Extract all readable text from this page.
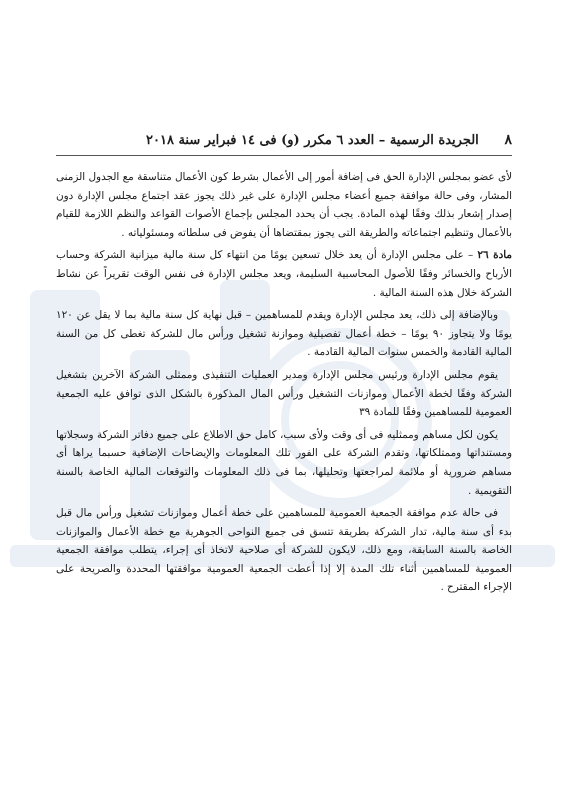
٨
الجريدة الرسمية – العدد ٦ مكرر (و) فى ١٤ فبراير سنة ٢٠١٨

لأى عضو بمجلس الإدارة الحق فى إضافة أمور إلى الأعمال بشرط كون الأعمال متناسقة مع الجدول الزمنى المشار، وفى حالة موافقة جميع أعضاء مجلس الإدارة على غير ذلك يجوز عقد اجتماع مجلس الإدارة دون إصدار إشعار بذلك وفقًا لهذه المادة. يجب أن يحدد المجلس بإجماع الأصوات القواعد والنظم اللازمة للقيام بالأعمال وتنظيم اجتماعاته والطريقة التى يجوز بمقتضاها أن يفوض فى سلطاته ومسئولياته .

مادة ٢٦ – على مجلس الإدارة أن يعد خلال تسعين يومًا من انتهاء كل سنة مالية ميزانية الشركة وحساب الأرباح والخسائر وفقًا للأصول المحاسبية السليمة، ويعد مجلس الإدارة فى نفس الوقت تقريراً عن نشاط الشركة خلال هذه السنة المالية .

وبالإضافة إلى ذلك، يعد مجلس الإدارة ويقدم للمساهمين – قبل نهاية كل سنة مالية بما لا يقل عن ١٢٠ يومًا ولا يتجاوز ٩٠ يومًا – خطة أعمال تفصيلية وموازنة تشغيل ورأس مال للشركة تغطى كل من السنة المالية القادمة والخمس سنوات المالية القادمة .

يقوم مجلس الإدارة ورئيس مجلس الإدارة ومدير العمليات التنفيذى وممثلى الشركة الآخرين بتشغيل الشركة وفقًا لخطة الأعمال وموازنات التشغيل ورأس المال المذكورة بالشكل الذى توافق عليه الجمعية العمومية للمساهمين وفقًا للمادة ٣٩

يكون لكل مساهم وممثليه فى أى وقت ولأى سبب، كامل حق الاطلاع على جميع دفاتر الشركة وسجلاتها ومستنداتها وممتلكاتها، وتقدم الشركة على الفور تلك المعلومات والإيضاحات الإضافية حسبما يراها أى مساهم ضرورية أو ملائمة لمراجعتها وتحليلها، بما فى ذلك المعلومات والتوقعات المالية الخاصة بالسنة التقويمية .

فى حالة عدم موافقة الجمعية العمومية للمساهمين على خطة أعمال وموازنات تشغيل ورأس مال قبل بدء أى سنة مالية، تدار الشركة بطريقة تتسق فى جميع النواحى الجوهرية مع خطة الأعمال والموازنات الخاصة بالسنة السابقة، ومع ذلك، لايكون للشركة أى صلاحية لاتخاذ أى إجراء، يتطلب موافقة الجمعية العمومية للمساهمين أثناء تلك المدة إلا إذا أعطت الجمعية العمومية موافقتها المحددة والصريحة على الإجراء المقترح .
